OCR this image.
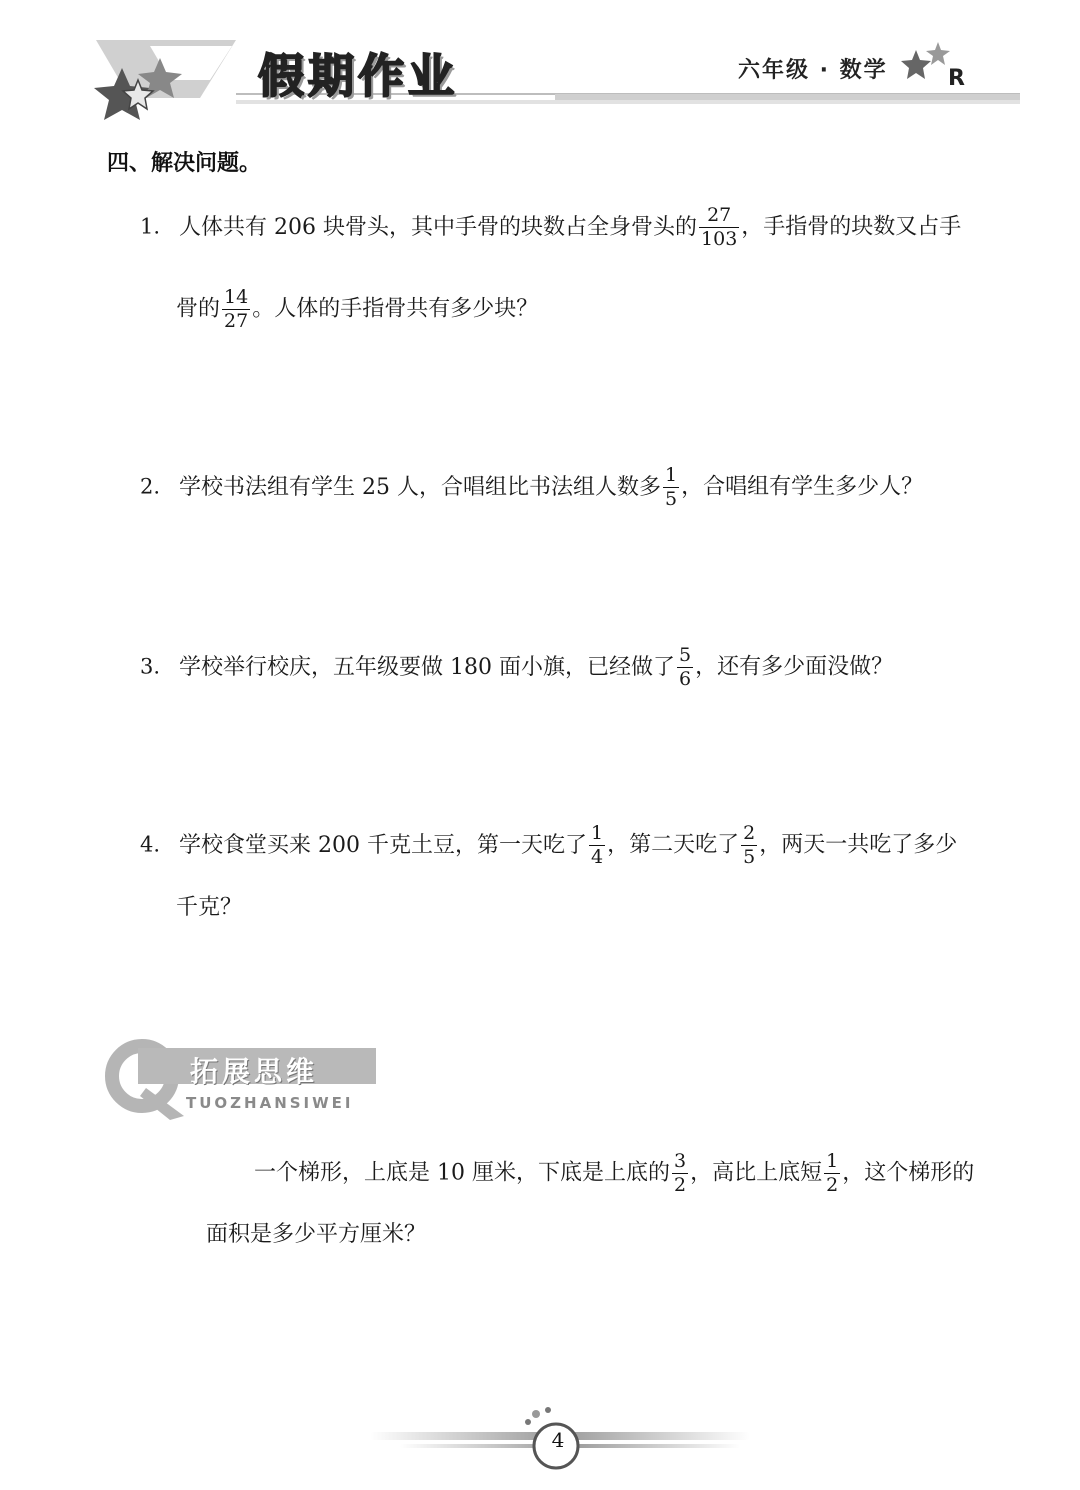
假期作业	六年级 · 数学	R
四、解决问题。
1. 人体共有 206 块骨头，其中手骨的块数占全身骨头的 $\frac{27}{103}$ ，手指骨的块数又占手
骨的 $\frac{14}{27}$ 。人体的手指骨共有多少块？
2. 学校书法组有学生 25 人，合唱组比书法组人数多 $\frac{1}{5}$ ，合唱组有学生多少人？
3. 学校举行校庆，五年级要做 180 面小旗，已经做了 $\frac{5}{6}$ ，还有多少面没做？
4. 学校食堂买来 200 千克土豆，第一天吃了 $\frac{1}{4}$ ，第二天吃了 $\frac{2}{5}$ ，两天一共吃了多少
千克？
拓展思维
TUOZHANSIWEI
一个梯形，上底是 10 厘米，下底是上底的 $\frac{3}{2}$ ，高比上底短 $\frac{1}{2}$ ，这个梯形的
面积是多少平方厘米？
4
